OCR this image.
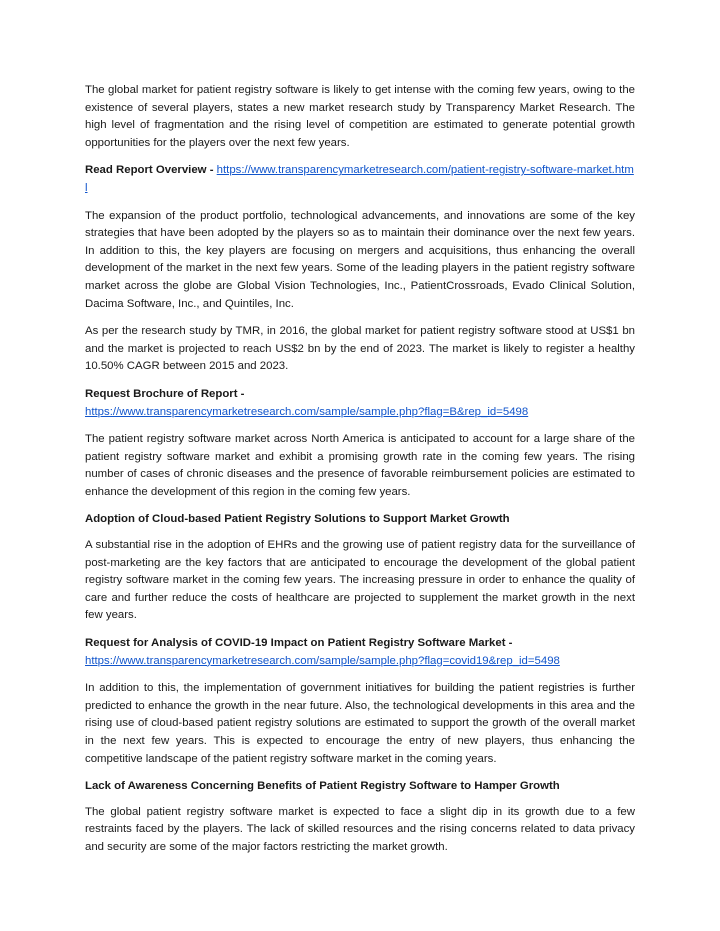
The global market for patient registry software is likely to get intense with the coming few years, owing to the existence of several players, states a new market research study by Transparency Market Research. The high level of fragmentation and the rising level of competition are estimated to generate potential growth opportunities for the players over the next few years.

Read Report Overview - https://www.transparencymarketresearch.com/patient-registry-software-market.html

The expansion of the product portfolio, technological advancements, and innovations are some of the key strategies that have been adopted by the players so as to maintain their dominance over the next few years. In addition to this, the key players are focusing on mergers and acquisitions, thus enhancing the overall development of the market in the next few years. Some of the leading players in the patient registry software market across the globe are Global Vision Technologies, Inc., PatientCrossroads, Evado Clinical Solution, Dacima Software, Inc., and Quintiles, Inc.

As per the research study by TMR, in 2016, the global market for patient registry software stood at US$1 bn and the market is projected to reach US$2 bn by the end of 2023. The market is likely to register a healthy 10.50% CAGR between 2015 and 2023.

Request Brochure of Report -
https://www.transparencymarketresearch.com/sample/sample.php?flag=B&rep_id=5498

The patient registry software market across North America is anticipated to account for a large share of the patient registry software market and exhibit a promising growth rate in the coming few years. The rising number of cases of chronic diseases and the presence of favorable reimbursement policies are estimated to enhance the development of this region in the coming few years.

Adoption of Cloud-based Patient Registry Solutions to Support Market Growth

A substantial rise in the adoption of EHRs and the growing use of patient registry data for the surveillance of post-marketing are the key factors that are anticipated to encourage the development of the global patient registry software market in the coming few years. The increasing pressure in order to enhance the quality of care and further reduce the costs of healthcare are projected to supplement the market growth in the next few years.

Request for Analysis of COVID-19 Impact on Patient Registry Software Market -
https://www.transparencymarketresearch.com/sample/sample.php?flag=covid19&rep_id=5498

In addition to this, the implementation of government initiatives for building the patient registries is further predicted to enhance the growth in the near future. Also, the technological developments in this area and the rising use of cloud-based patient registry solutions are estimated to support the growth of the overall market in the next few years. This is expected to encourage the entry of new players, thus enhancing the competitive landscape of the patient registry software market in the coming years.

Lack of Awareness Concerning Benefits of Patient Registry Software to Hamper Growth

The global patient registry software market is expected to face a slight dip in its growth due to a few restraints faced by the players. The lack of skilled resources and the rising concerns related to data privacy and security are some of the major factors restricting the market growth.
